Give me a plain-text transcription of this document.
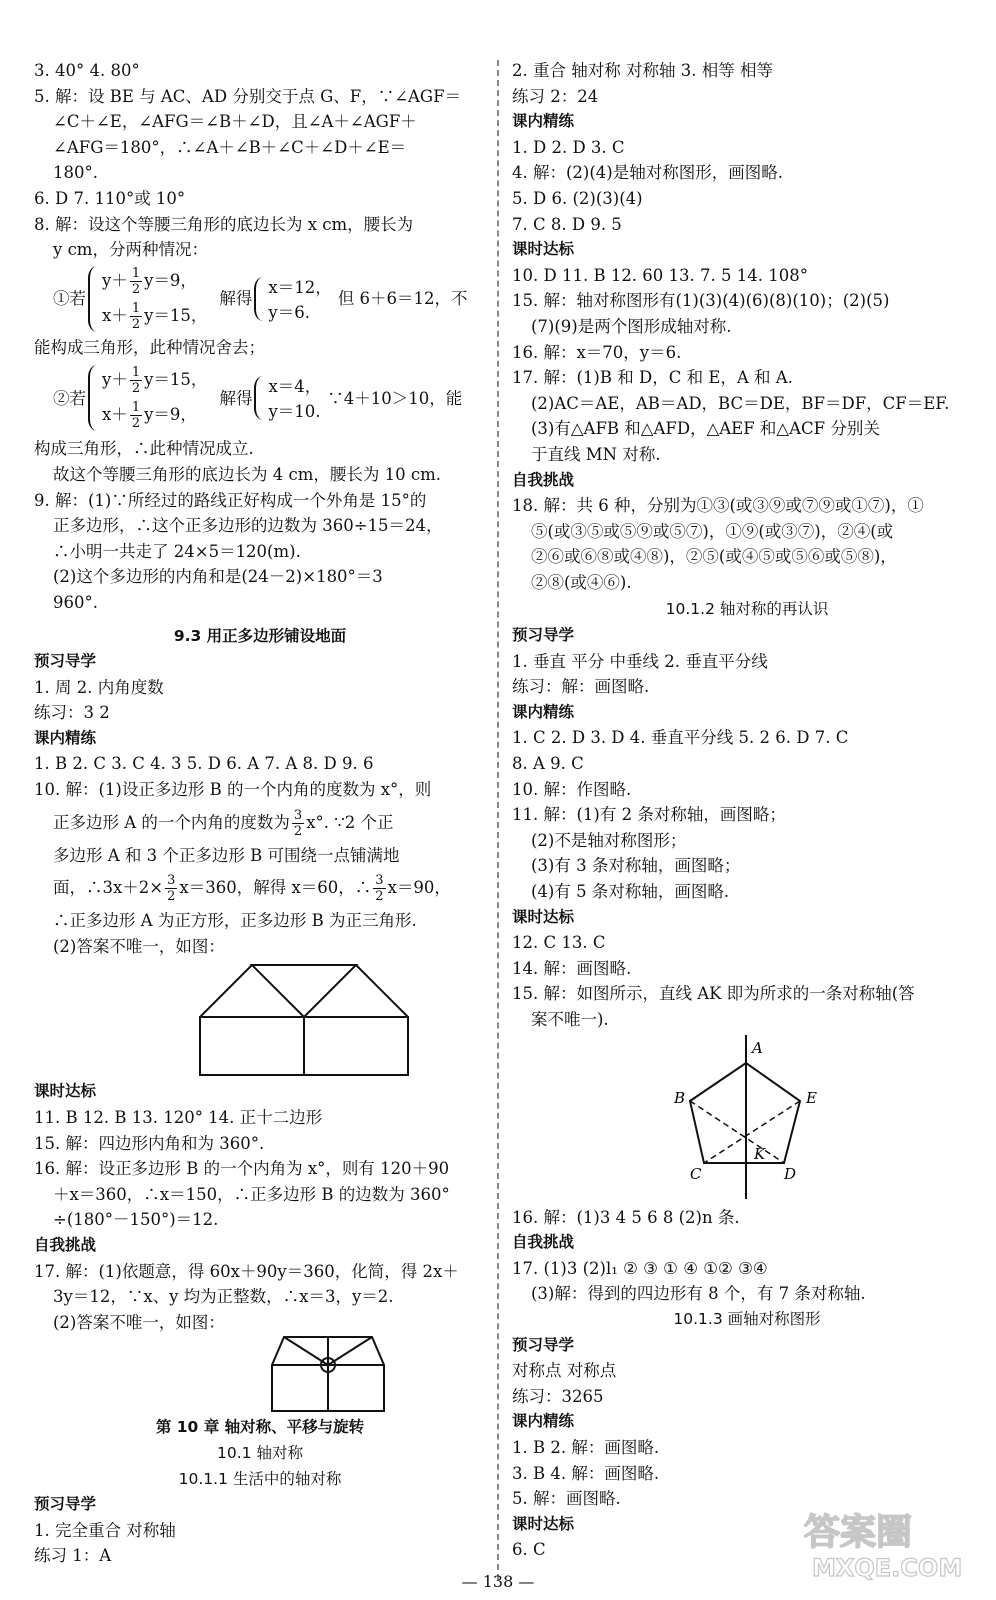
3. 40° 4. 80°
5. 解：设 BE 与 AC、AD 分别交于点 G、F，∵∠AGF＝
∠C＋∠E，∠AFG＝∠B＋∠D，且∠A＋∠AGF＋
∠AFG＝180°，∴∠A＋∠B＋∠C＋∠D＋∠E＝
180°.
6. D 7. 110°或 10°
8. 解：设这个等腰三角形的底边长为 x cm，腰长为
y cm，分两种情况：
①若
$y+ \frac{1}{2} y=9$，
$x+ \frac{1}{2} y=15$，
解得
x＝12，
y＝6.
但 6＋6＝12，不
能构成三角形，此种情况舍去；
②若
$y+ \frac{1}{2} y=15$，
$x+ \frac{1}{2} y=9$，
解得
x＝4，
y＝10.
∵4＋10＞10，能
构成三角形，∴此种情况成立.
故这个等腰三角形的底边长为 4 cm，腰长为 10 cm.
9. 解：(1)∵所经过的路线正好构成一个外角是 15°的
正多边形，∴这个正多边形的边数为 360÷15＝24，
∴小明一共走了 24×5＝120(m).
(2)这个多边形的内角和是(24－2)×180°＝3
960°.
9.3 用正多边形铺设地面
预习导学
1. 周 2. 内角度数
练习：3 2
课内精练
1. B 2. C 3. C 4. 3 5. D 6. A 7. A 8. D 9. 6
10. 解：(1)设正多边形 B 的一个内角的度数为 x°，则
正多边形 A 的一个内角的度数为 $\frac{3}{2} x^\circ$. ∵2 个正
多边形 A 和 3 个正多边形 B 可围绕一点铺满地
面，∴3x＋2× $\frac{3}{2} x=360$，解得 x＝60，∴ $\frac{3}{2} x=90$，
∴正多边形 A 为正方形，正多边形 B 为正三角形.
(2)答案不唯一，如图：
课时达标
11. B 12. B 13. 120° 14. 正十二边形
15. 解：四边形内角和为 360°.
16. 解：设正多边形 B 的一个内角为 x°，则有 120＋90
＋x＝360，∴x＝150，∴正多边形 B 的边数为 360°
÷(180°－150°)＝12.
自我挑战
17. 解：(1)依题意，得 60x＋90y＝360，化简，得 2x＋
3y＝12，∵x、y 均为正整数，∴x＝3，y＝2.
(2)答案不唯一，如图：
第 10 章 轴对称、平移与旋转
10.1 轴对称
10.1.1 生活中的轴对称
预习导学
1. 完全重合 对称轴
练习 1：A
2. 重合 轴对称 对称轴 3. 相等 相等
练习 2：24
课内精练
1. D 2. D 3. C
4. 解：(2)(4)是轴对称图形，画图略.
5. D 6. (2)(3)(4)
7. C 8. D 9. 5
课时达标
10. D 11. B 12. 60 13. 7. 5 14. 108°
15. 解：轴对称图形有(1)(3)(4)(6)(8)(10)；(2)(5)
(7)(9)是两个图形成轴对称.
16. 解：x＝70，y＝6.
17. 解：(1)B 和 D，C 和 E，A 和 A.
(2)AC＝AE，AB＝AD，BC＝DE，BF＝DF，CF＝EF.
(3)有△AFB 和△AFD，△AEF 和△ACF 分别关
于直线 MN 对称.
自我挑战
18. 解：共 6 种，分别为①③(或③⑨或⑦⑨或①⑦)，①
⑤(或③⑤或⑤⑨或⑤⑦)，①⑨(或③⑦)，②④(或
②⑥或⑥⑧或④⑧)，②⑤(或④⑤或⑤⑥或⑤⑧)，
②⑧(或④⑥).
10.1.2 轴对称的再认识
预习导学
1. 垂直 平分 中垂线 2. 垂直平分线
练习：解：画图略.
课内精练
1. C 2. D 3. D 4. 垂直平分线 5. 2 6. D 7. C
8. A 9. C
10. 解：作图略.
11. 解：(1)有 2 条对称轴，画图略；
(2)不是轴对称图形；
(3)有 3 条对称轴，画图略；
(4)有 5 条对称轴，画图略.
课时达标
12. C 13. C
14. 解：画图略.
15. 解：如图所示，直线 AK 即为所求的一条对称轴(答
案不唯一).
A
B
C	D
E
K
16. 解：(1)3 4 5 6 8 (2)n 条.
自我挑战
17. (1)3 (2)l₁ ② ③ ① ④ ①② ③④
(3)解：得到的四边形有 8 个，有 7 条对称轴.
10.1.3 画轴对称图形
预习导学
对称点 对称点
练习：3265
课内精练
1. B 2. 解：画图略.
3. B 4. 解：画图略.
5. 解：画图略.
课时达标
6. C	答案圈
MXQE.COM
— 138 —
